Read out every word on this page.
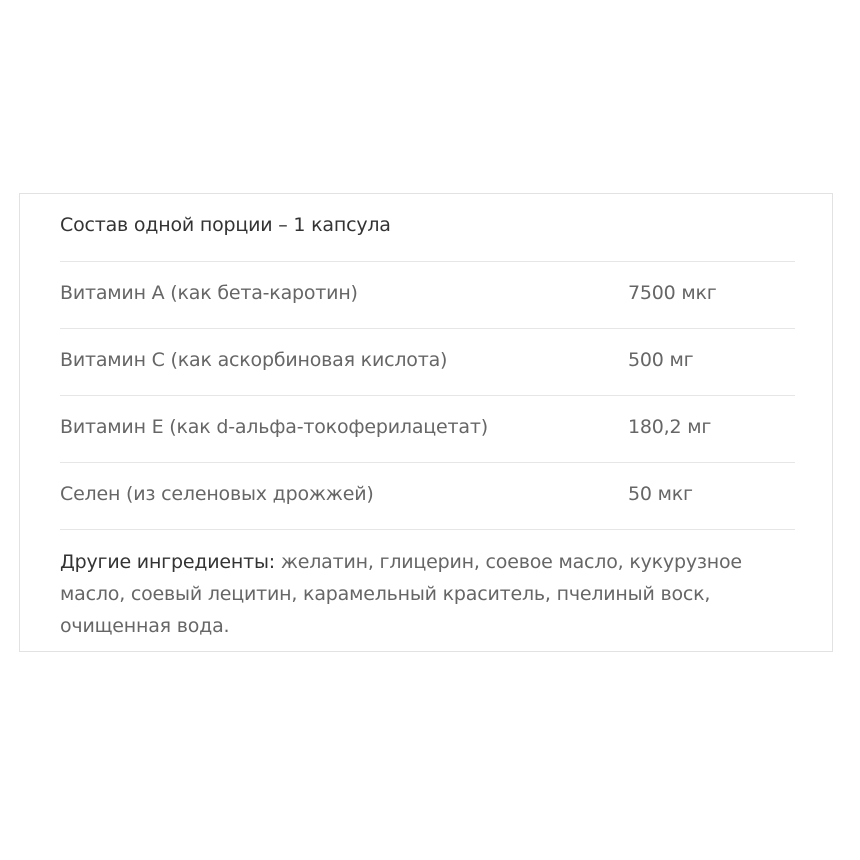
Состав одной порции – 1 капсула
Витамин А (как бета-каротин)	7500 мкг
Витамин С (как аскорбиновая кислота)	500 мг
Витамин Е (как d-альфа-токоферилацетат)	180,2 мг
Селен (из селеновых дрожжей)	50 мкг
Другие ингредиенты: желатин, глицерин, соевое масло, кукурузное масло, соевый лецитин, карамельный краситель, пчелиный воск, очищенная вода.
